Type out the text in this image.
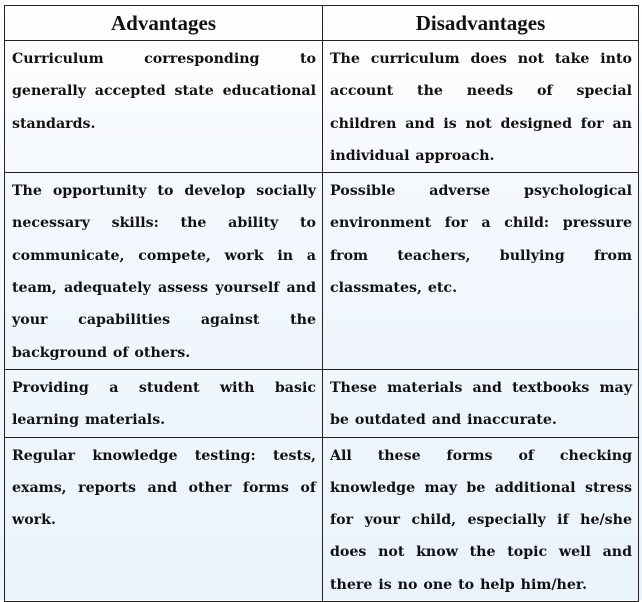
Advantages	Disadvantages
Curriculum corresponding to generally accepted state educational standards.	The curriculum does not take into account the needs of special children and is not designed for an individual approach.
The opportunity to develop socially necessary skills: the ability to communicate, compete, work in a team, adequately assess yourself and your capabilities against the background of others.	Possible adverse psychological environment for a child: pressure from teachers, bullying from classmates, etc.
Providing a student with basic learning materials.	These materials and textbooks may be outdated and inaccurate.
Regular knowledge testing: tests, exams, reports and other forms of work.	All these forms of checking knowledge may be additional stress for your child, especially if he/she does not know the topic well and there is no one to help him/her.
